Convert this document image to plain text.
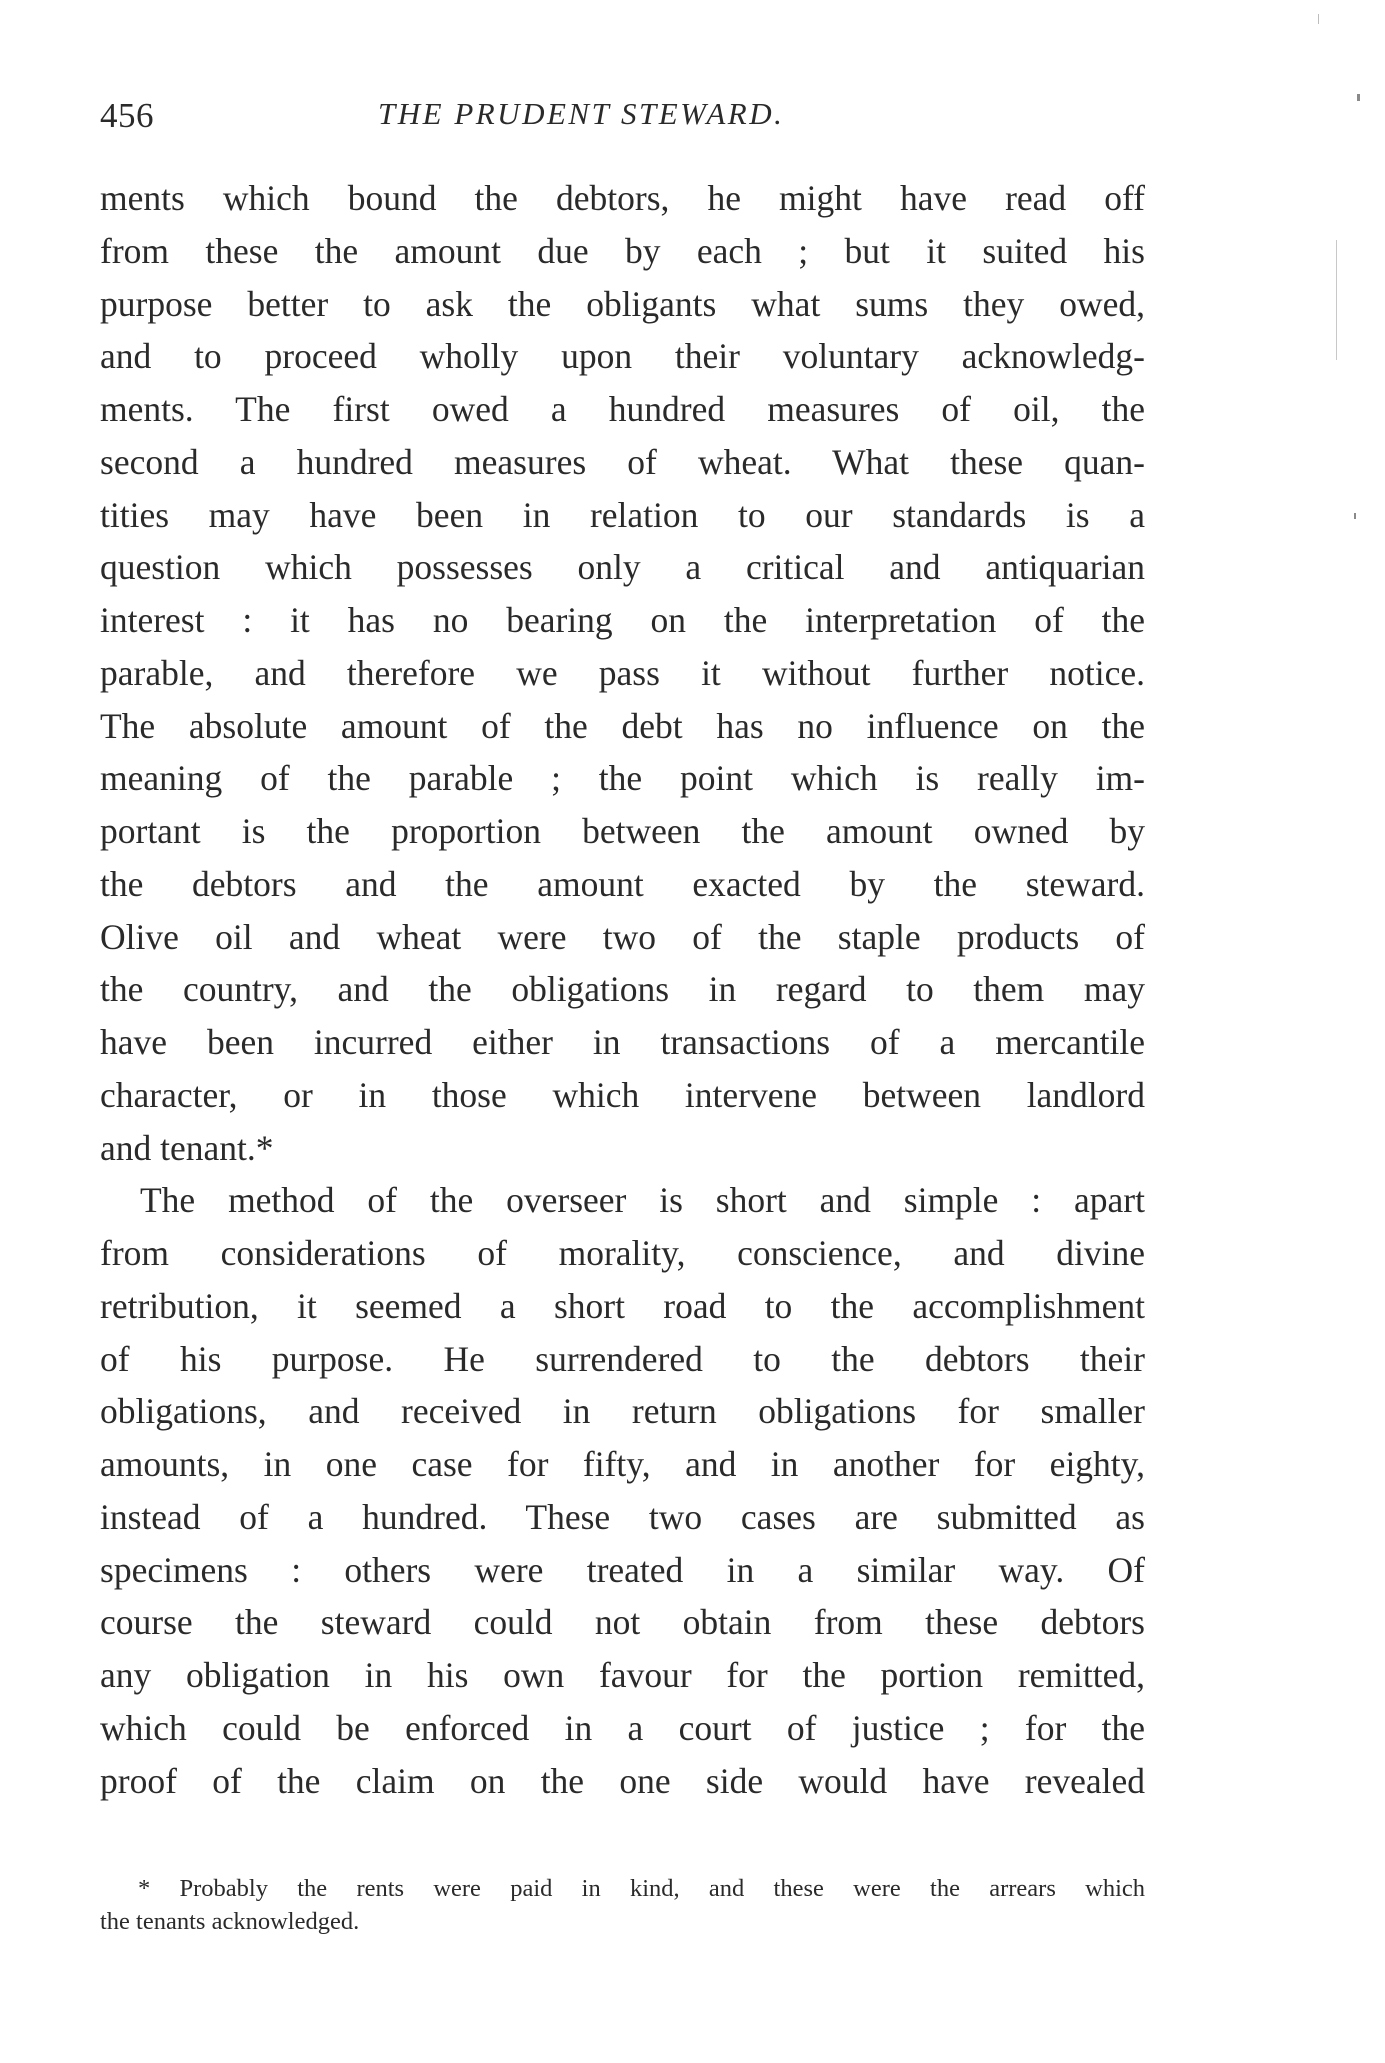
456	THE PRUDENT STEWARD.
ments which bound the debtors, he might have read off
from these the amount due by each ; but it suited his
purpose better to ask the obligants what sums they owed,
and to proceed wholly upon their voluntary acknowledg-
ments. The first owed a hundred measures of oil, the
second a hundred measures of wheat. What these quan-
tities may have been in relation to our standards is a
question which possesses only a critical and antiquarian
interest : it has no bearing on the interpretation of the
parable, and therefore we pass it without further notice.
The absolute amount of the debt has no influence on the
meaning of the parable ; the point which is really im-
portant is the proportion between the amount owned by
the debtors and the amount exacted by the steward.
Olive oil and wheat were two of the staple products of
the country, and the obligations in regard to them may
have been incurred either in transactions of a mercantile
character, or in those which intervene between landlord
and tenant.*
The method of the overseer is short and simple : apart
from considerations of morality, conscience, and divine
retribution, it seemed a short road to the accomplishment
of his purpose. He surrendered to the debtors their
obligations, and received in return obligations for smaller
amounts, in one case for fifty, and in another for eighty,
instead of a hundred. These two cases are submitted as
specimens : others were treated in a similar way. Of
course the steward could not obtain from these debtors
any obligation in his own favour for the portion remitted,
which could be enforced in a court of justice ; for the
proof of the claim on the one side would have revealed
* Probably the rents were paid in kind, and these were the arrears which
the tenants acknowledged.
